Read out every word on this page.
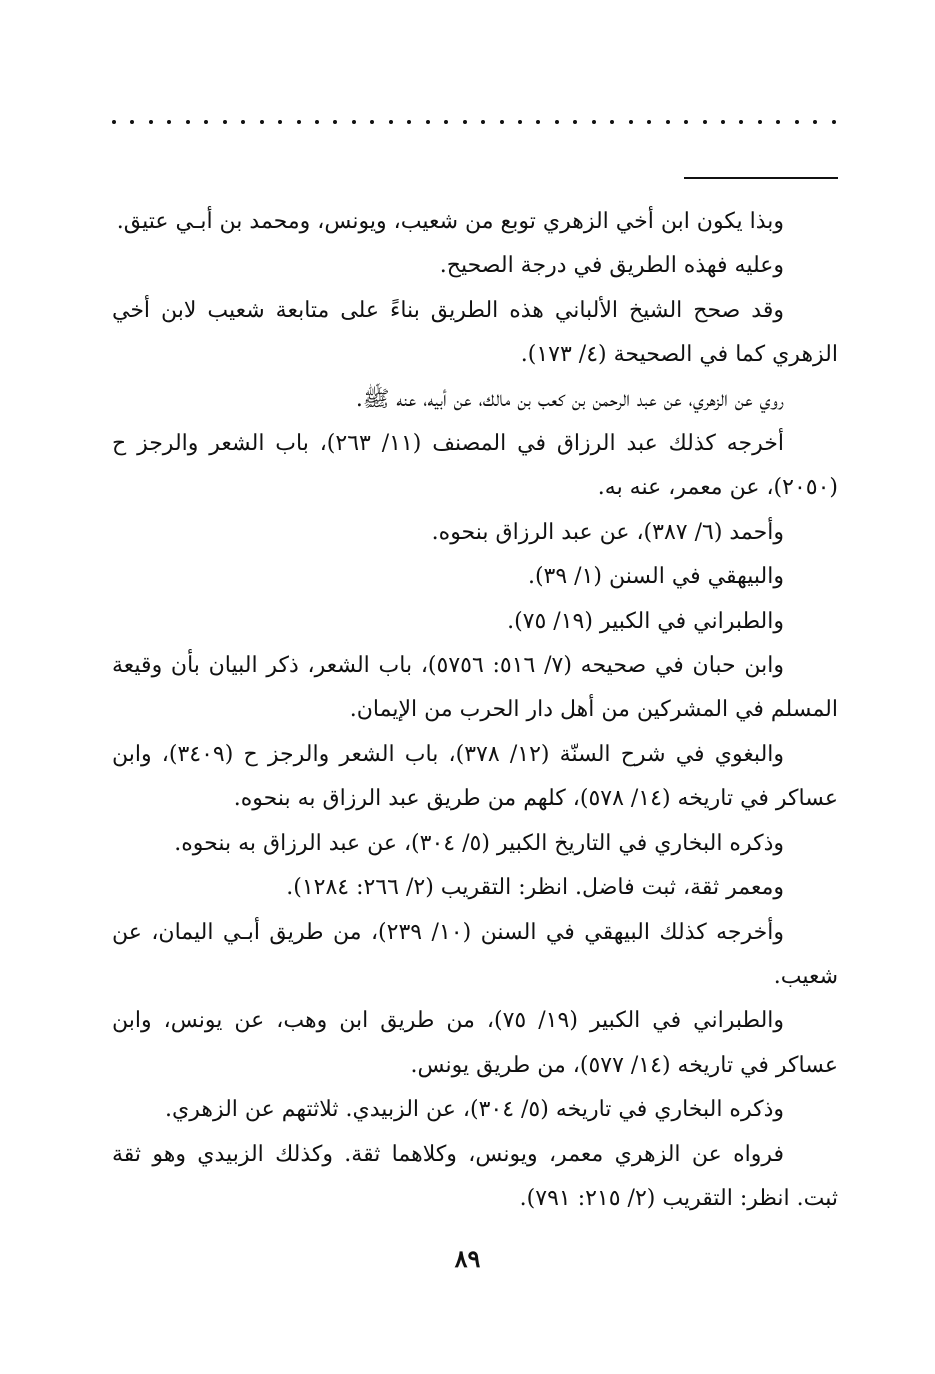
وبذا يكون ابن أخي الزهري توبع من شعيب، ويونس، ومحمد بن أبـي عتيق.

وعليه فهذه الطريق في درجة الصحيح.

وقد صحح الشيخ الألباني هذه الطريق بناءً على متابعة شعيب لابن أخي الزهري كما في الصحيحة (٤/ ١٧٣).

روي عن الزهري، عن عبد الرحمن بن كعب بن مالك، عن أبيه، عنه ﷺ.

أخرجه كذلك عبد الرزاق في المصنف (١١/ ٢٦٣)، باب الشعر والرجز ح (٢٠٥٠)، عن معمر، عنه به.

وأحمد (٦/ ٣٨٧)، عن عبد الرزاق بنحوه.

والبيهقي في السنن (١/ ٣٩).

والطبراني في الكبير (١٩/ ٧٥).

وابن حبان في صحيحه (٧/ ٥١٦: ٥٧٥٦)، باب الشعر، ذكر البيان بأن وقيعة المسلم في المشركين من أهل دار الحرب من الإيمان.

والبغوي في شرح السنّة (١٢/ ٣٧٨)، باب الشعر والرجز ح (٣٤٠٩)، وابن عساكر في تاريخه (١٤/ ٥٧٨)، كلهم من طريق عبد الرزاق به بنحوه.

وذكره البخاري في التاريخ الكبير (٥/ ٣٠٤)، عن عبد الرزاق به بنحوه.

ومعمر ثقة، ثبت فاضل. انظر: التقريب (٢/ ٢٦٦: ١٢٨٤).

وأخرجه كذلك البيهقي في السنن (١٠/ ٢٣٩)، من طريق أبـي اليمان، عن شعيب.

والطبراني في الكبير (١٩/ ٧٥)، من طريق ابن وهب، عن يونس، وابن عساكر في تاريخه (١٤/ ٥٧٧)، من طريق يونس.

وذكره البخاري في تاريخه (٥/ ٣٠٤)، عن الزبيدي. ثلاثتهم عن الزهري.

فرواه عن الزهري معمر، ويونس، وكلاهما ثقة. وكذلك الزبيدي وهو ثقة ثبت. انظر: التقريب (٢/ ٢١٥: ٧٩١).

٨٩
